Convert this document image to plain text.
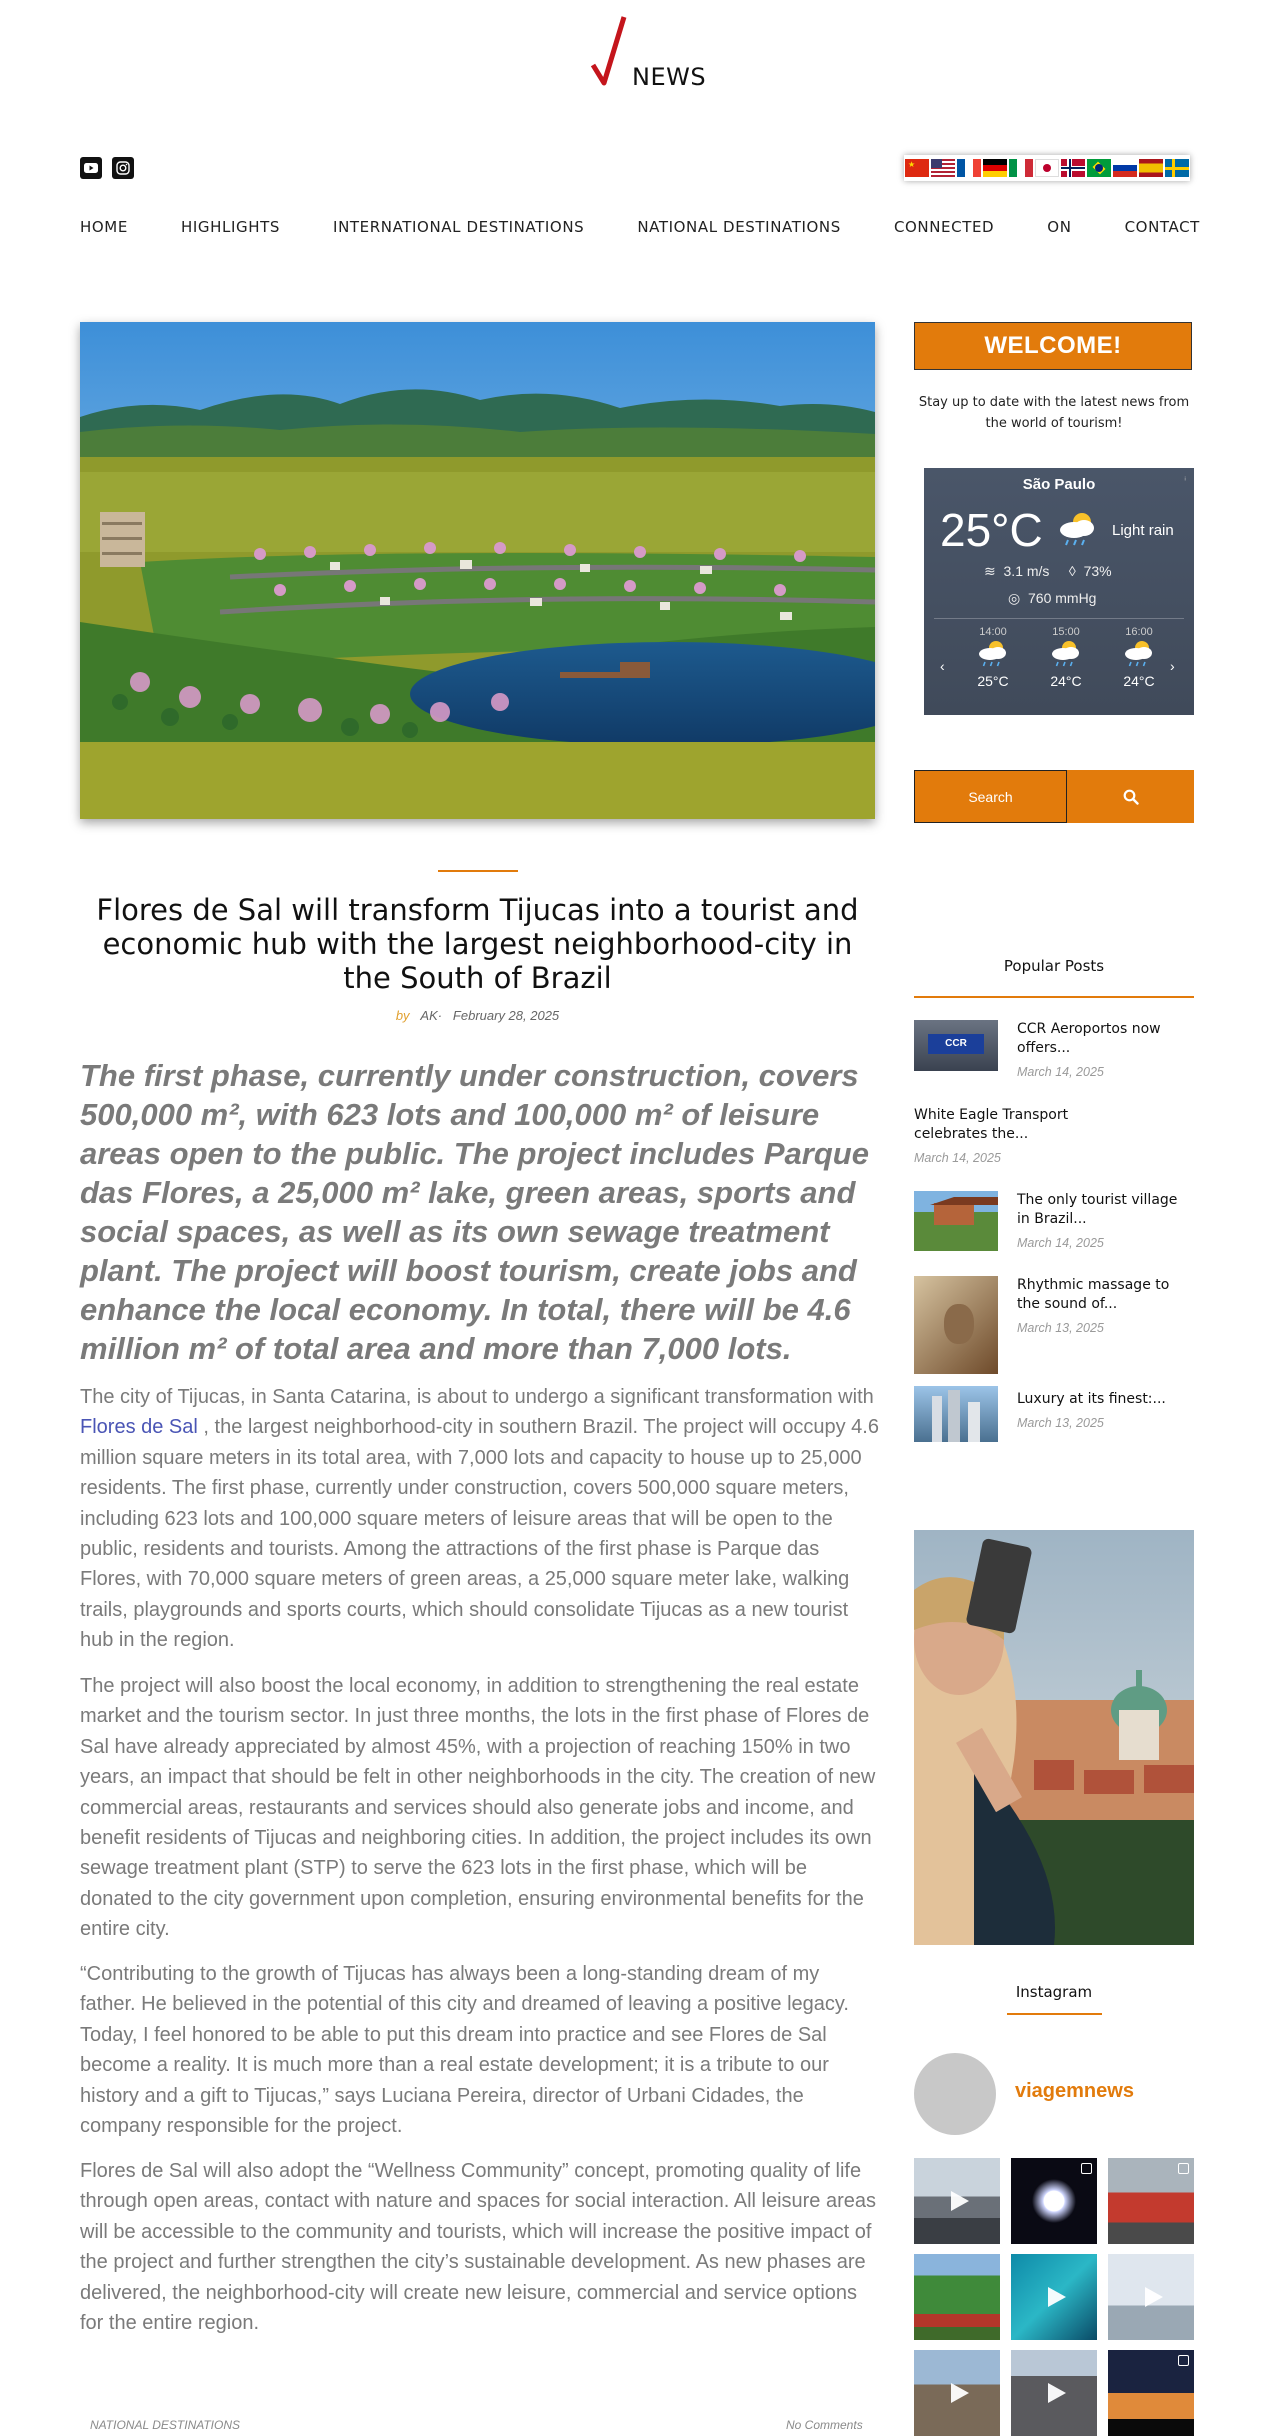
NEWS
★
HOME	HIGHLIGHTS	INTERNATIONAL DESTINATIONS	NATIONAL DESTINATIONS	CONNECTED	ON	CONTACT
Flores de Sal will transform Tijucas into a tourist and economic hub with the largest neighborhood-city in the South of Brazil
by AK·   February 28, 2025

The first phase, currently under construction, covers 500,000 m², with 623 lots and 100,000 m² of leisure areas open to the public. The project includes Parque das Flores, a 25,000 m² lake, green areas, sports and social spaces, as well as its own sewage treatment plant. The project will boost tourism, create jobs and enhance the local economy. In total, there will be 4.6 million m² of total area and more than 7,000 lots.

The city of Tijucas, in Santa Catarina, is about to undergo a significant transformation with Flores de Sal , the largest neighborhood-city in southern Brazil. The project will occupy 4.6 million square meters in its total area, with 7,000 lots and capacity to house up to 25,000 residents. The first phase, currently under construction, covers 500,000 square meters, including 623 lots and 100,000 square meters of leisure areas that will be open to the public, residents and tourists. Among the attractions of the first phase is Parque das Flores, with 70,000 square meters of green areas, a 25,000 square meter lake, walking trails, playgrounds and sports courts, which should consolidate Tijucas as a new tourist hub in the region.

The project will also boost the local economy, in addition to strengthening the real estate market and the tourism sector. In just three months, the lots in the first phase of Flores de Sal have already appreciated by almost 45%, with a projection of reaching 150% in two years, an impact that should be felt in other neighborhoods in the city. The creation of new commercial areas, restaurants and services should also generate jobs and income, and benefit residents of Tijucas and neighboring cities. In addition, the project includes its own sewage treatment plant (STP) to serve the 623 lots in the first phase, which will be donated to the city government upon completion, ensuring environmental benefits for the entire city.

“Contributing to the growth of Tijucas has always been a long-standing dream of my father. He believed in the potential of this city and dreamed of leaving a positive legacy. Today, I feel honored to be able to put this dream into practice and see Flores de Sal become a reality. It is much more than a real estate development; it is a tribute to our history and a gift to Tijucas,” says Luciana Pereira, director of Urbani Cidades, the company responsible for the project.

Flores de Sal will also adopt the “Wellness Community” concept, promoting quality of life through open areas, contact with nature and spaces for social interaction. All leisure areas will be accessible to the community and tourists, which will increase the positive impact of the project and further strengthen the city’s sustainable development. As new phases are delivered, the neighborhood-city will create new leisure, commercial and service options for the entire region.

NATIONAL DESTINATIONS	No Comments
WELCOME!
Stay up to date with the latest news from the world of tourism!
São Paulo	ⁱ
25°C	Light rain
≋ 3.1 m/s ◊ 73%
◎ 760 mmHg
‹	›
14:00
25°C
15:00
24°C
16:00
24°C
Search
Popular Posts
CCR
CCR Aeroportos now offers...
March 14, 2025
White Eagle Transport celebrates the...
March 14, 2025
The only tourist village in Brazil...
March 14, 2025
Rhythmic massage to the sound of...
March 13, 2025
Luxury at its finest:...
March 13, 2025
Instagram
viagemnews
